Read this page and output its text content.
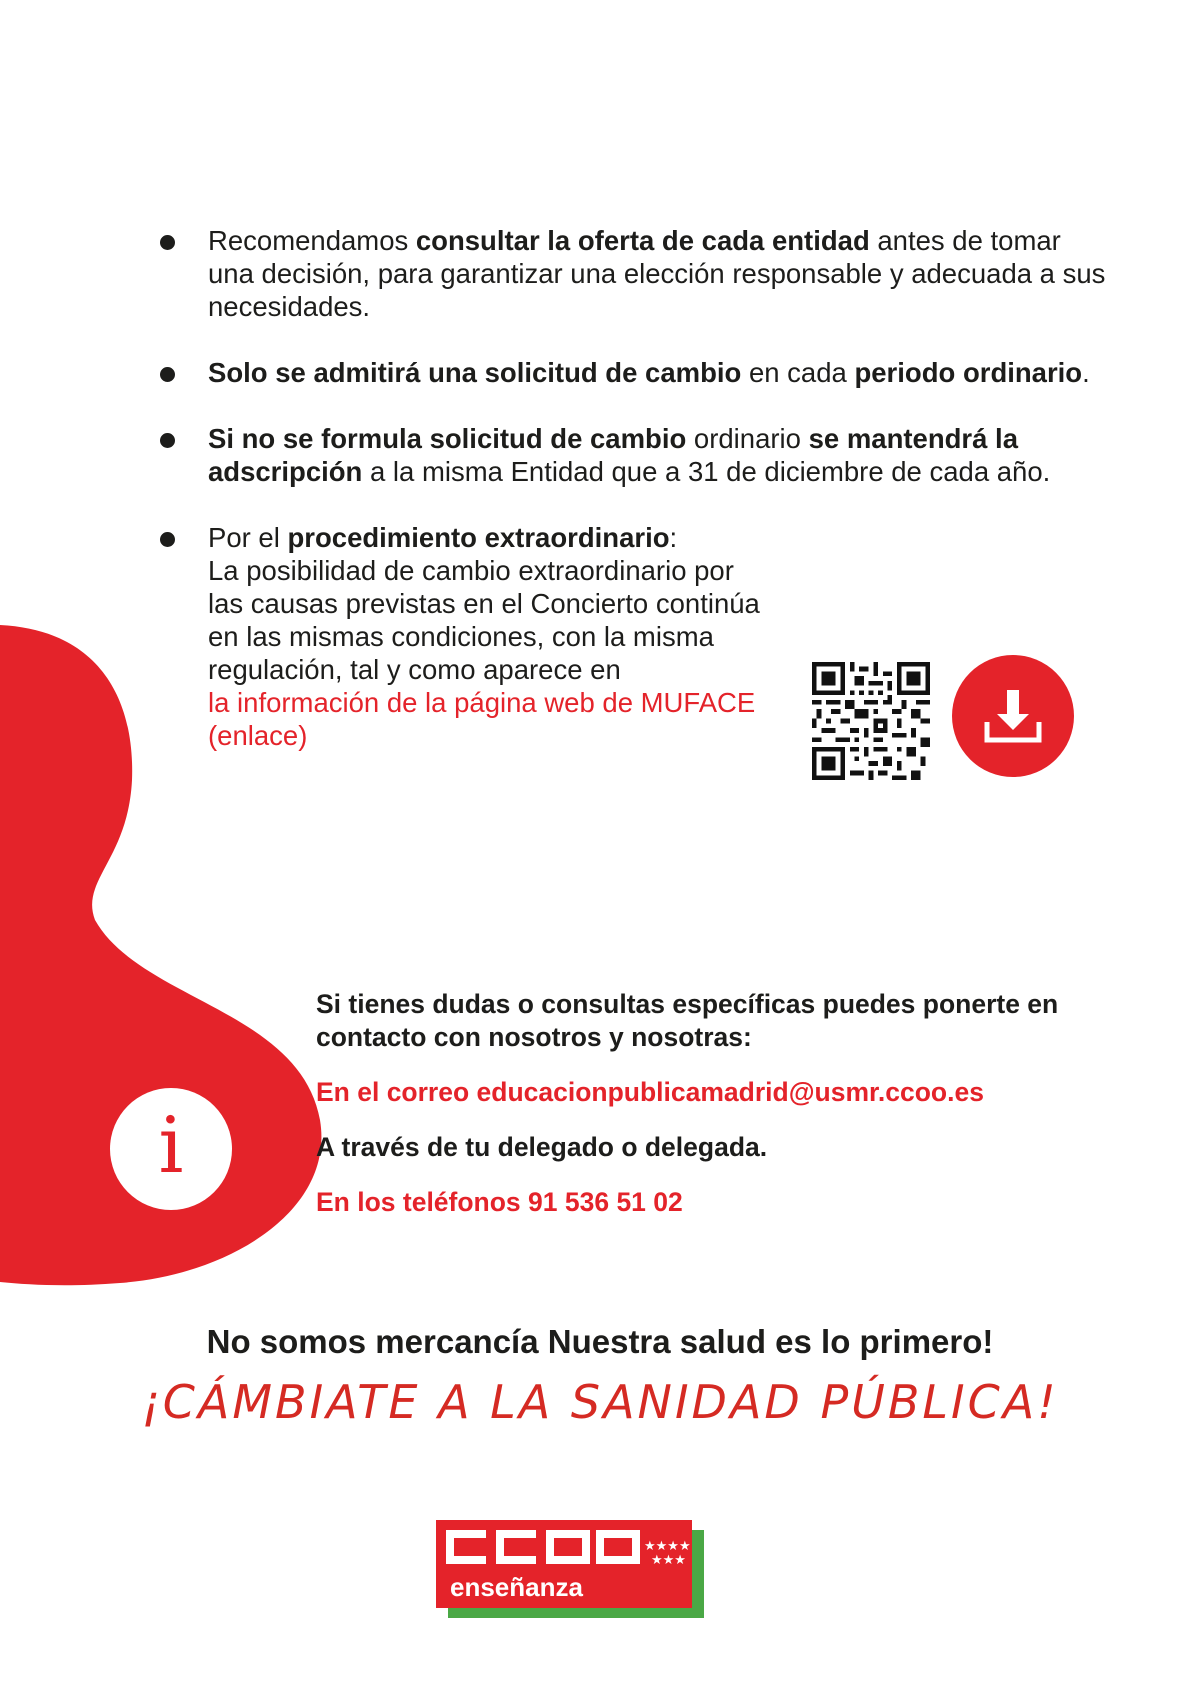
Recomendamos consultar la oferta de cada entidad antes de tomar una decisión, para garantizar una elección responsable y adecuada a sus necesidades.
Solo se admitirá una solicitud de cambio en cada periodo ordinario.
Si no se formula solicitud de cambio ordinario se mantendrá la adscripción a la misma Entidad que a 31 de diciembre de cada año.
Por el procedimiento extraordinario:
La posibilidad de cambio extraordinario por las causas previstas en el Concierto continúa en las mismas condiciones, con la misma regulación, tal y como aparece en
la información de la página web de MUFACE (enlace)
i

Si tienes dudas o consultas específicas puedes ponerte en contacto con nosotros y nosotras:

En el correo educacionpublicamadrid@usmr.ccoo.es

A través de tu delegado o delegada.

En los teléfonos 91 536 51 02

No somos mercancía Nuestra salud es lo primero!
¡CÁMBIATE A LA SANIDAD PÚBLICA!
★★★★
★★★
enseñanza
